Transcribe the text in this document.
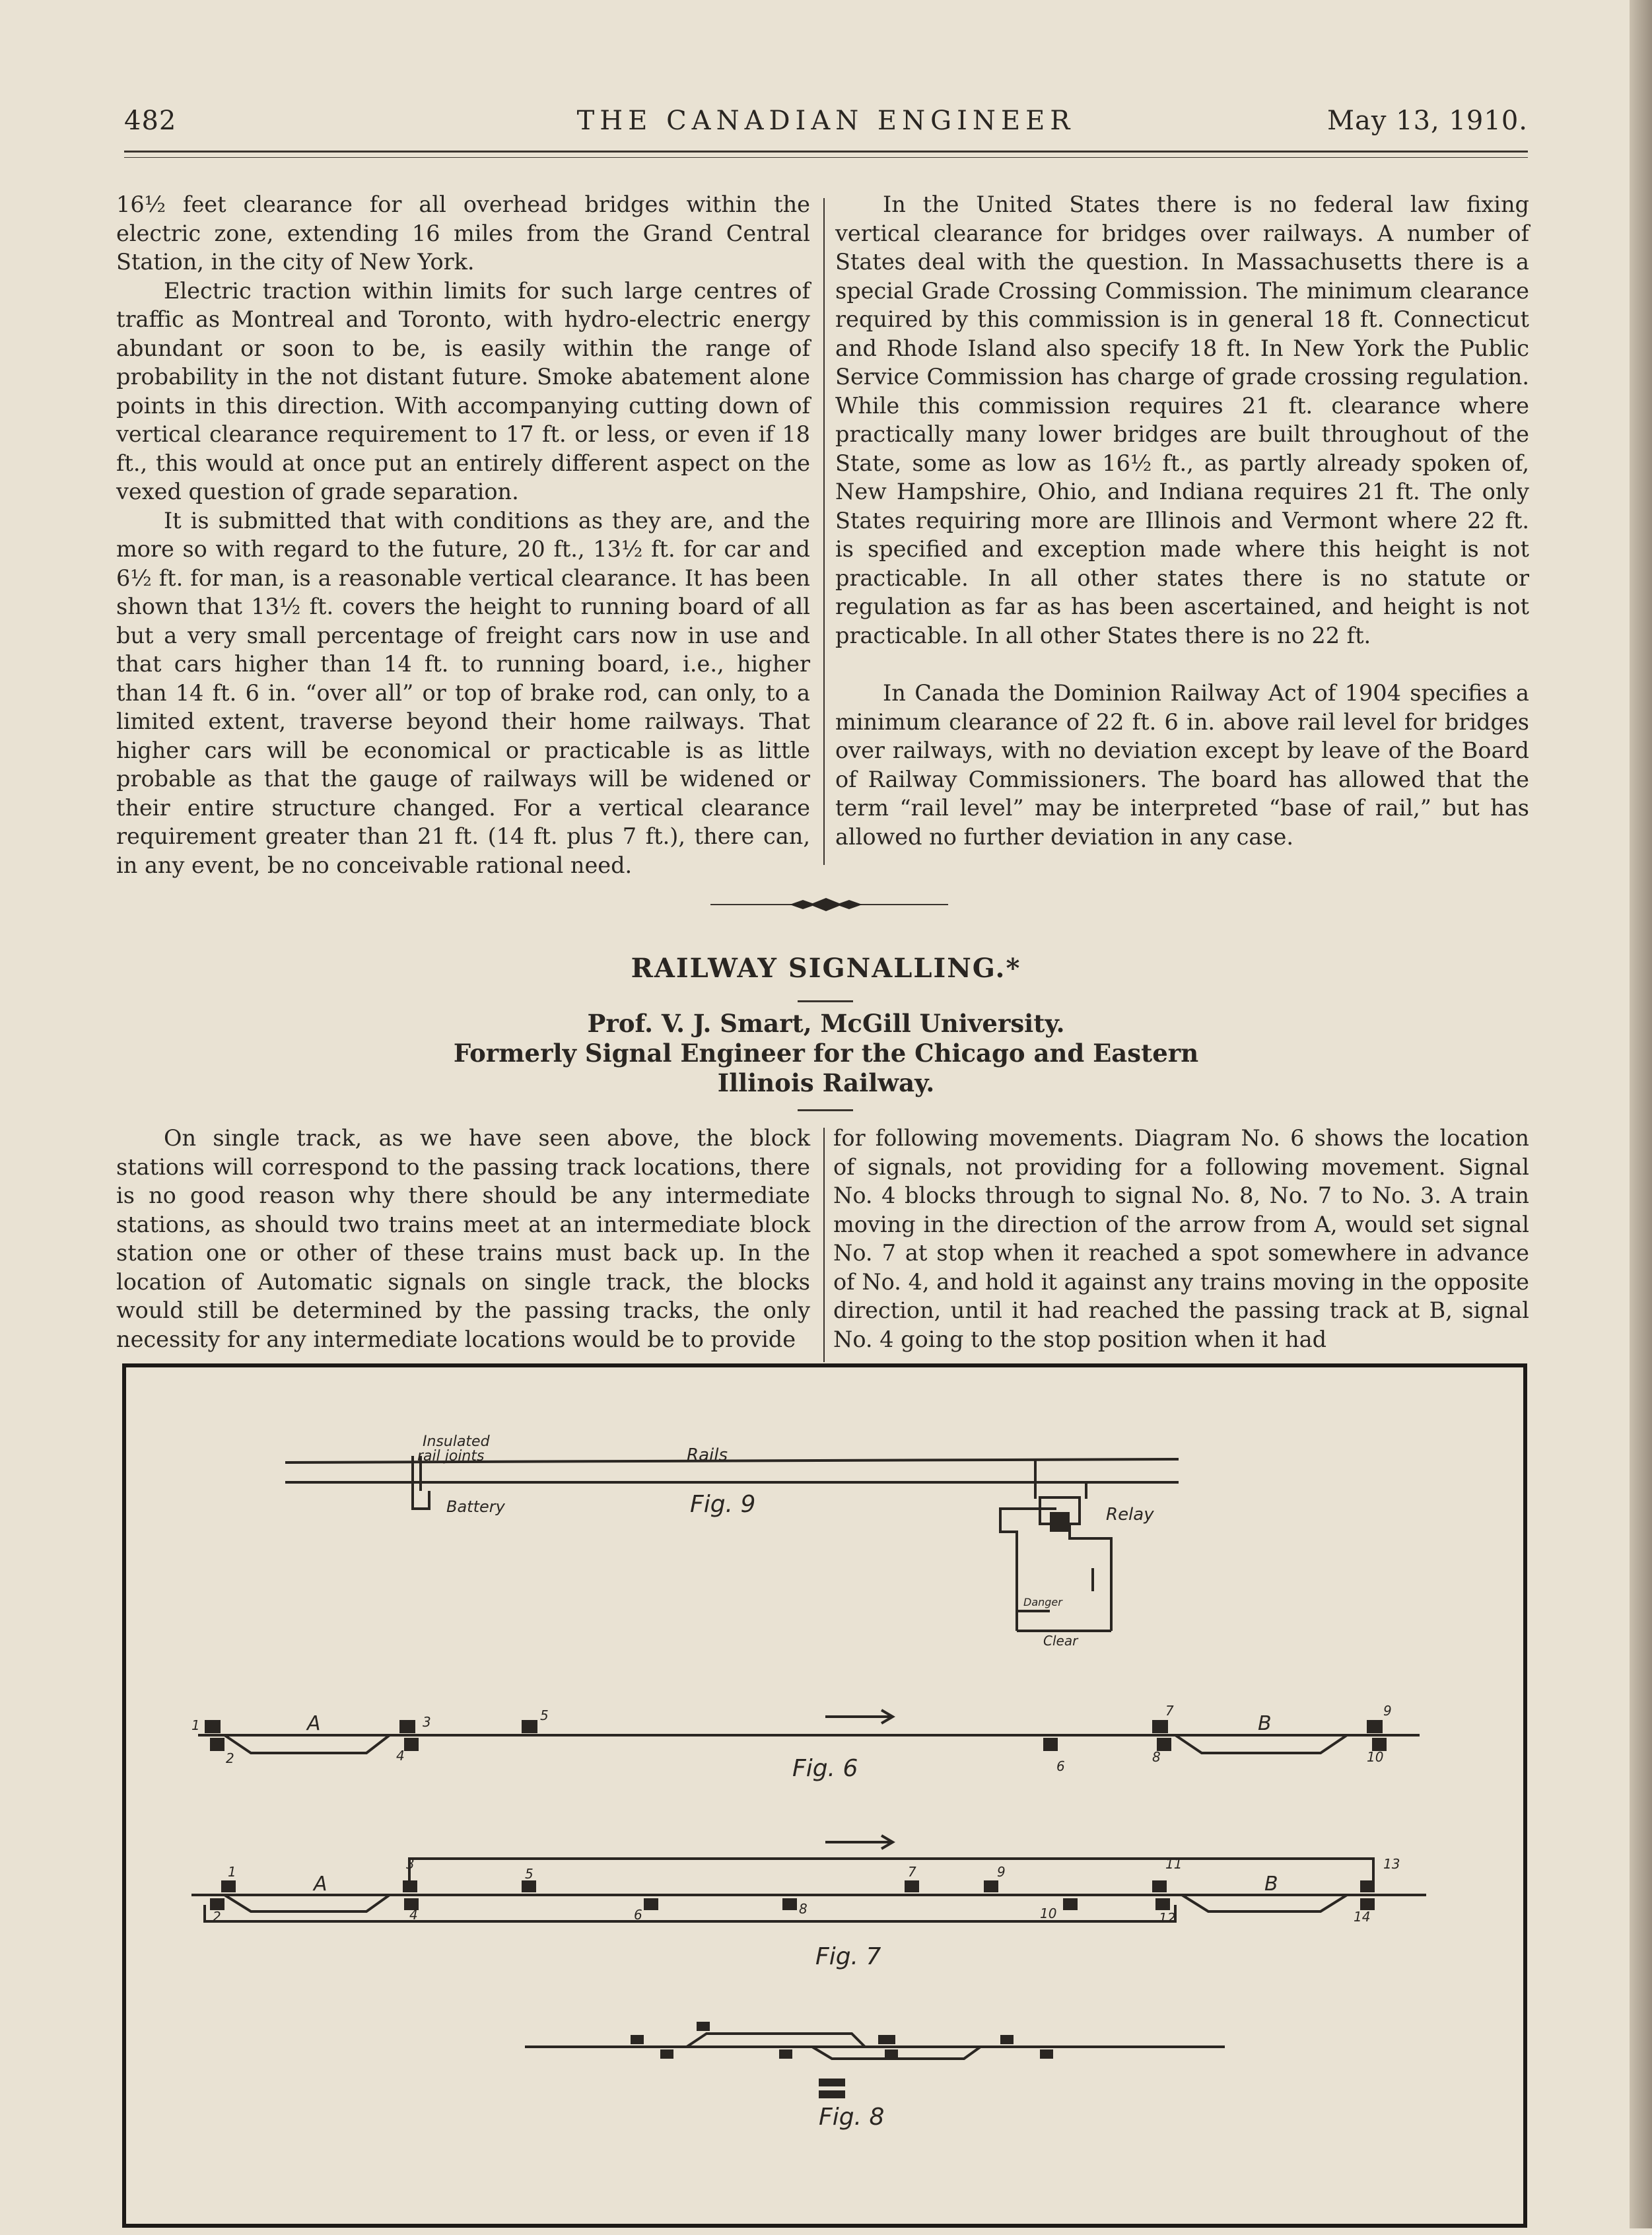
482	THE CANADIAN ENGINEER	May 13, 1910.

16½ feet clearance for all overhead bridges within the electric zone, extending 16 miles from the Grand Central Station, in the city of New York.

Electric traction within limits for such large centres of traffic as Montreal and Toronto, with hydro-electric energy abundant or soon to be, is easily within the range of probability in the not distant future. Smoke abatement alone points in this direction. With accompanying cutting down of vertical clearance requirement to 17 ft. or less, or even if 18 ft., this would at once put an entirely different aspect on the vexed question of grade separation.

It is submitted that with conditions as they are, and the more so with regard to the future, 20 ft., 13½ ft. for car and 6½ ft. for man, is a reasonable vertical clearance. It has been shown that 13½ ft. covers the height to running board of all but a very small percentage of freight cars now in use and that cars higher than 14 ft. to running board, i.e., higher than 14 ft. 6 in. “over all” or top of brake rod, can only, to a limited extent, traverse beyond their home railways. That higher cars will be economical or practicable is as little probable as that the gauge of railways will be widened or their entire structure changed. For a vertical clearance requirement greater than 21 ft. (14 ft. plus 7 ft.), there can, in any event, be no conceivable rational need.

In the United States there is no federal law fixing vertical clearance for bridges over railways. A number of States deal with the question. In Massachusetts there is a special Grade Crossing Commission. The minimum clearance required by this commission is in general 18 ft. Connecticut and Rhode Island also specify 18 ft. In New York the Public Service Commission has charge of grade crossing regulation. While this commission requires 21 ft. clearance where practically many lower bridges are built throughout of the State, some as low as 16½ ft., as partly already spoken of, New Hampshire, Ohio, and Indiana requires 21 ft. The only States requiring more are Illinois and Vermont where 22 ft. is specified and exception made where this height is not practicable. In all other states there is no statute or regulation as far as has been ascertained, and height is not practicable. In all other States there is no 22 ft.

In Canada the Dominion Railway Act of 1904 specifies a minimum clearance of 22 ft. 6 in. above rail level for bridges over railways, with no deviation except by leave of the Board of Railway Commissioners. The board has allowed that the term “rail level” may be interpreted “base of rail,” but has allowed no further deviation in any case.

RAILWAY SIGNALLING.*
Prof. V. J. Smart, McGill University.
Formerly Signal Engineer for the Chicago and Eastern
Illinois Railway.

On single track, as we have seen above, the block stations will correspond to the passing track locations, there is no good reason why there should be any intermediate stations, as should two trains meet at an intermediate block station one or other of these trains must back up. In the location of Automatic signals on single track, the blocks would still be determined by the passing tracks, the only necessity for any intermediate locations would be to provide

for following movements. Diagram No. 6 shows the location of signals, not providing for a following movement. Signal No. 4 blocks through to signal No. 8, No. 7 to No. 3. A train moving in the direction of the arrow from A, would set signal No. 7 at stop when it reached a spot somewhere in advance of No. 4, and hold it against any trains moving in the opposite direction, until it had reached the passing track at B, signal No. 4 going to the stop position when it had

Insulated
rail joints	Rails
Battery	Fig. 9	Relay
Danger
Clear
A	B
Fig. 6
1
2
3
4
5
6
7
8
9
10
A	B
Fig. 7
1
2
3
4
5
6
7
8
9
10
11
12
13
14
Fig. 8
